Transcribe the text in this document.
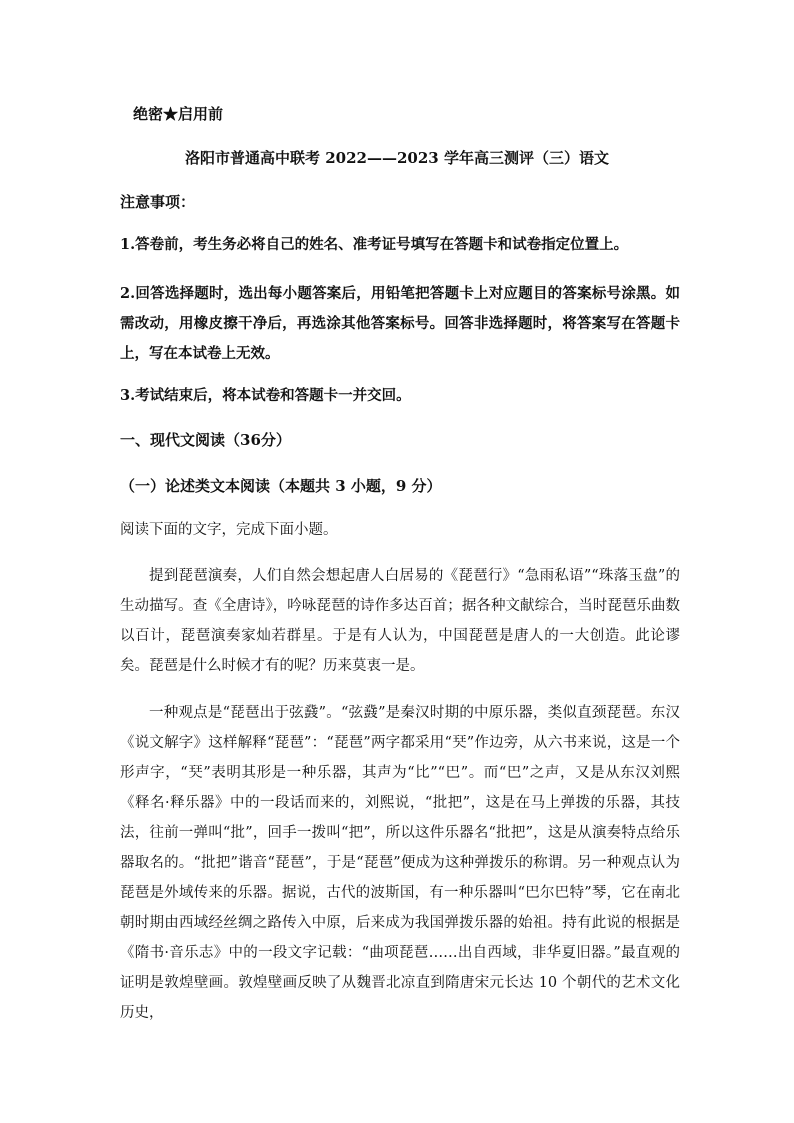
绝密★启用前
洛阳市普通高中联考 2022——2023 学年高三测评（三）语文
注意事项：
1.答卷前，考生务必将自己的姓名、准考证号填写在答题卡和试卷指定位置上。
2.回答选择题时，选出每小题答案后，用铅笔把答题卡上对应题目的答案标号涂黑。如需改动，用橡皮擦干净后，再选涂其他答案标号。回答非选择题时，将答案写在答题卡上，写在本试卷上无效。
3.考试结束后，将本试卷和答题卡一并交回。
一、现代文阅读（36分）
（一）论述类文本阅读（本题共 3 小题，9 分）
阅读下面的文字，完成下面小题。
提到琵琶演奏，人们自然会想起唐人白居易的《琵琶行》“急雨私语”“珠落玉盘”的生动描写。查《全唐诗》，吟咏琵琶的诗作多达百首；据各种文献综合，当时琵琶乐曲数以百计，琵琶演奏家灿若群星。于是有人认为，中国琵琶是唐人的一大创造。此论谬矣。琵琶是什么时候才有的呢？历来莫衷一是。
一种观点是“琵琶出于弦鼗”。“弦鼗”是秦汉时期的中原乐器，类似直颈琵琶。东汉《说文解字》这样解释“琵琶”：“琵琶”两字都采用“珡”作边旁，从六书来说，这是一个形声字，“珡”表明其形是一种乐器，其声为“比”“巴”。而“巴”之声，又是从东汉刘熙《释名·释乐器》中的一段话而来的，刘熙说，“批把”，这是在马上弹拨的乐器，其技法，往前一弹叫“批”，回手一拨叫“把”，所以这件乐器名“批把”，这是从演奏特点给乐器取名的。“批把”谐音“琵琶”，于是“琵琶”便成为这种弹拨乐的称谓。另一种观点认为琵琶是外域传来的乐器。据说，古代的波斯国，有一种乐器叫“巴尔巴特”琴，它在南北朝时期由西域经丝绸之路传入中原，后来成为我国弹拨乐器的始祖。持有此说的根据是《隋书·音乐志》中的一段文字记载：“曲项琵琶……出自西域，非华夏旧器。”最直观的证明是敦煌壁画。敦煌壁画反映了从魏晋北凉直到隋唐宋元长达 10 个朝代的艺术文化历史，
